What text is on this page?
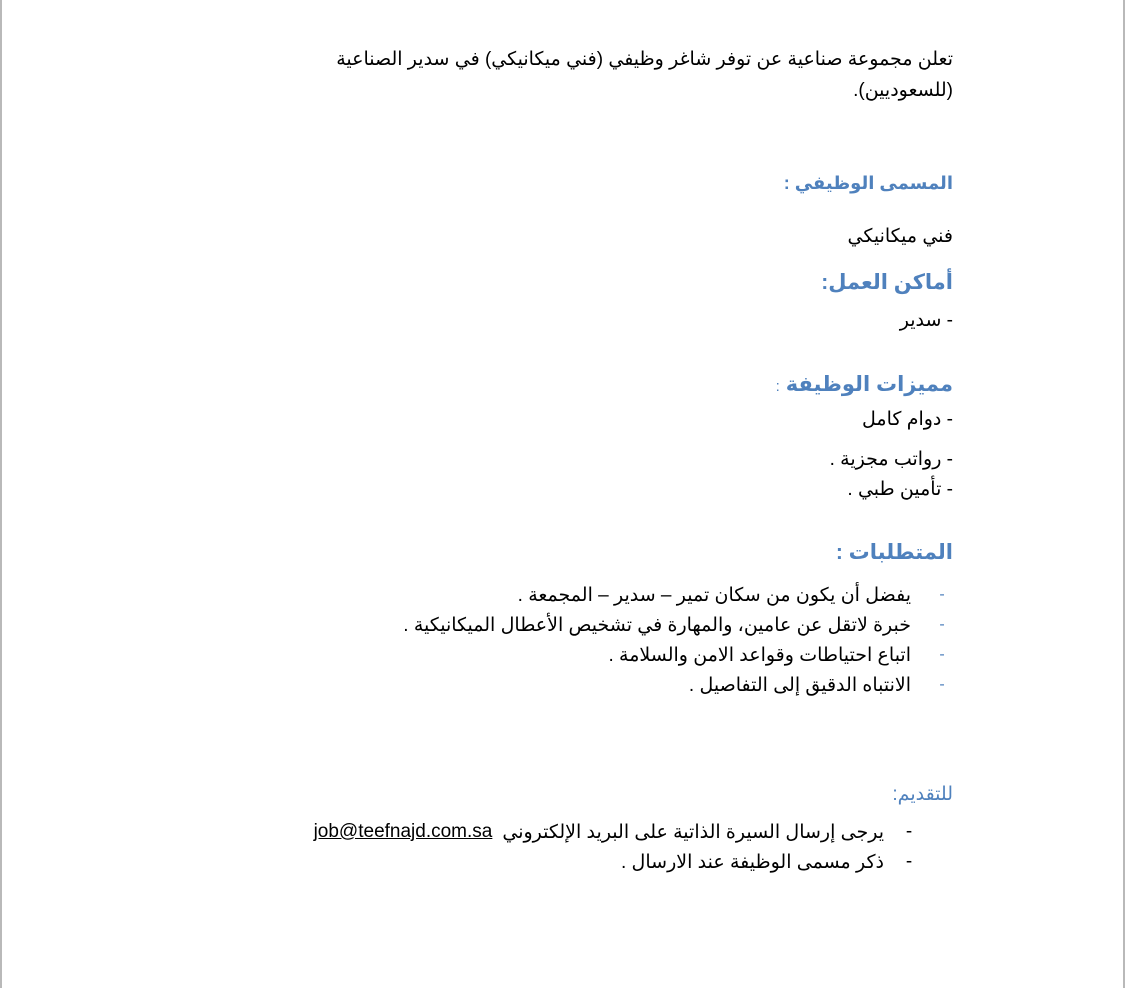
تعلن مجموعة صناعية عن توفر شاغر وظيفي (فني ميكانيكي) في سدير الصناعية (للسعوديين).
المسمى الوظيفي :
فني ميكانيكي
أماكن العمل:
- سدير
مميزات الوظيفة :
- دوام كامل
- رواتب مجزية .
- تأمين طبي .
المتطلبات :
-
يفضل أن يكون من سكان تمير – سدير – المجمعة .
-
خبرة لاتقل عن عامين، والمهارة في تشخيص الأعطال الميكانيكية .
-
اتباع احتياطات وقواعد الامن والسلامة .
-
الانتباه الدقيق إلى التفاصيل .
للتقديم:
-
يرجى إرسال السيرة الذاتية على البريد الإلكتروني
job@teefnajd.com.sa
-
ذكر مسمى الوظيفة عند الارسال .
